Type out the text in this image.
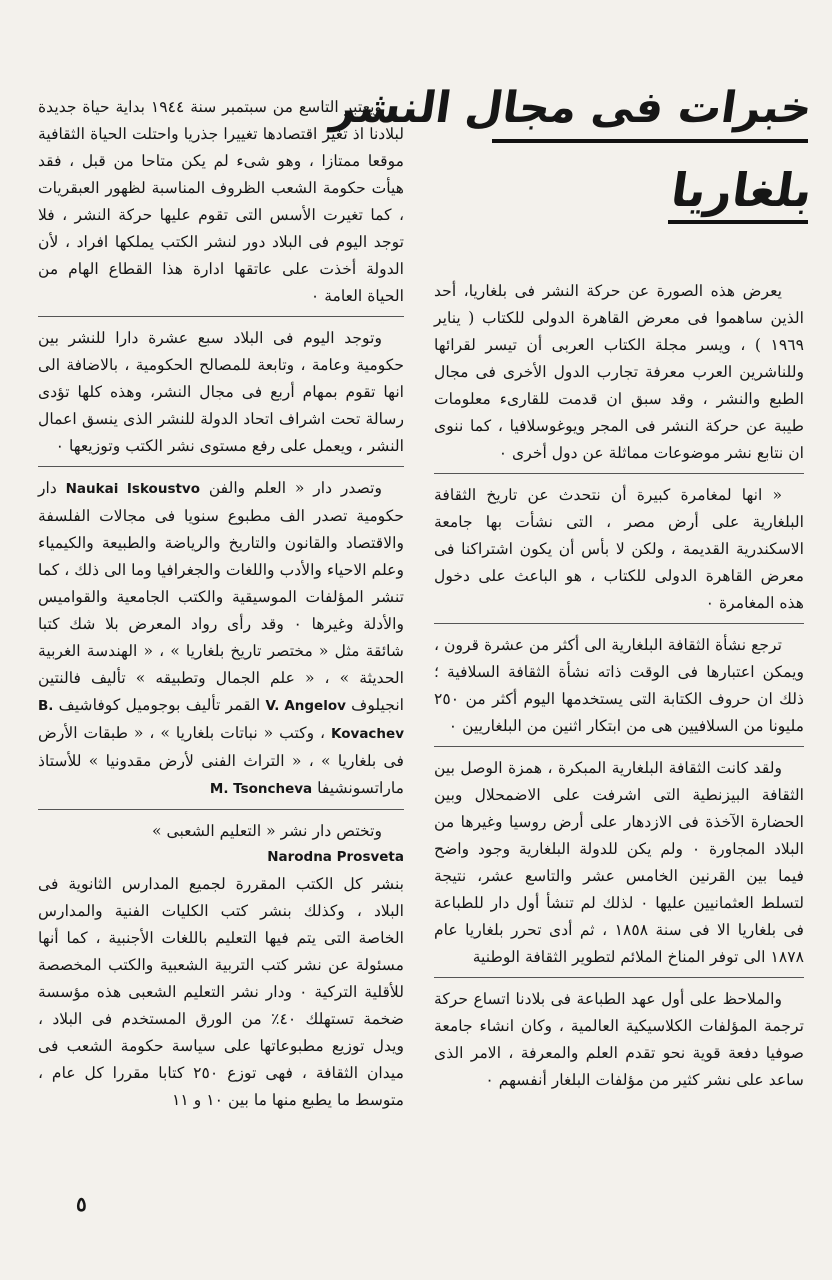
خبرات فى مجال النشر
بلغاريا

يعرض هذه الصورة عن حركة النشر فى بلغاريا، أحد الذين ساهموا فى معرض القاهرة الدولى للكتاب ( يناير ١٩٦٩ ) ، ويسر مجلة الكتاب العربى أن تيسر لقرائها وللناشرين العرب معرفة تجارب الدول الأخرى فى مجال الطبع والنشر ، وقد سبق ان قدمت للقارىء معلومات طيبة عن حركة النشر فى المجر ويوغوسلافيا ، كما ننوى ان نتابع نشر موضوعات مماثلة عن دول أخرى ٠

« انها لمغامرة كبيرة أن نتحدث عن تاريخ الثقافة البلغارية على أرض مصر ، التى نشأت بها جامعة الاسكندرية القديمة ، ولكن لا بأس أن يكون اشتراكنا فى معرض القاهرة الدولى للكتاب ، هو الباعث على دخول هذه المغامرة ٠

ترجع نشأة الثقافة البلغارية الى أكثر من عشرة قرون ، ويمكن اعتبارها فى الوقت ذاته نشأة الثقافة السلافية ؛ ذلك ان حروف الكتابة التى يستخدمها اليوم أكثر من ٢٥٠ مليونا من السلافيين هى من ابتكار اثنين من البلغاريين ٠

ولقد كانت الثقافة البلغارية المبكرة ، همزة الوصل بين الثقافة البيزنطية التى اشرفت على الاضمحلال وبين الحضارة الآخذة فى الازدهار على أرض روسيا وغيرها من البلاد المجاورة ٠ ولم يكن للدولة البلغارية وجود واضح فيما بين القرنين الخامس عشر والتاسع عشر، نتيجة لتسلط العثمانيين عليها ٠ لذلك لم تنشأ أول دار للطباعة فى بلغاريا الا فى سنة ١٨٥٨ ، ثم أدى تحرر بلغاريا عام ١٨٧٨ الى توفر المناخ الملائم لتطوير الثقافة الوطنية

والملاحظ على أول عهد الطباعة فى بلادنا اتساع حركة ترجمة المؤلفات الكلاسيكية العالمية ، وكان انشاء جامعة صوفيا دفعة قوية نحو تقدم العلم والمعرفة ، الامر الذى ساعد على نشر كثير من مؤلفات البلغار أنفسهم ٠

ويعتبر التاسع من سبتمبر سنة ١٩٤٤ بداية حياة جديدة لبلادنا اذ تغير اقتصادها تغييرا جذريا واحتلت الحياة الثقافية موقعا ممتازا ، وهو شىء لم يكن متاحا من قبل ، فقد هيأت حكومة الشعب الظروف المناسبة لظهور العبقريات ، كما تغيرت الأسس التى تقوم عليها حركة النشر ، فلا توجد اليوم فى البلاد دور لنشر الكتب يملكها افراد ، لأن الدولة أخذت على عاتقها ادارة هذا القطاع الهام من الحياة العامة ٠

وتوجد اليوم فى البلاد سبع عشرة دارا للنشر بين حكومية وعامة ، وتابعة للمصالح الحكومية ، بالاضافة الى انها تقوم بمهام أربع فى مجال النشر، وهذه كلها تؤدى رسالة تحت اشراف اتحاد الدولة للنشر الذى ينسق اعمال النشر ، ويعمل على رفع مستوى نشر الكتب وتوزيعها ٠

وتصدر دار « العلم والفن Naukai Iskoustvo دار حكومية تصدر الف مطبوع سنويا فى مجالات الفلسفة والاقتصاد والقانون والتاريخ والرياضة والطبيعة والكيمياء وعلم الاحياء والأدب واللغات والجغرافيا وما الى ذلك ، كما تنشر المؤلفات الموسيقية والكتب الجامعية والقواميس والأدلة وغيرها ٠ وقد رأى رواد المعرض بلا شك كتبا شائقة مثل « مختصر تاريخ بلغاريا » ، « الهندسة الغربية الحديثة » ، « علم الجمال وتطبيقه » تأليف فالنتين انجيلوف V. Angelov القمر تأليف بوجوميل كوفاشيف B. Kovachev ، وكتب « نباتات بلغاريا » ، « طبقات الأرض فى بلغاريا » ، « التراث الفنى لأرض مقدونيا » للأستاذ ماراتسونشيفا M. Tsoncheva

وتختص دار نشر « التعليم الشعبى »

Narodna Prosveta

بنشر كل الكتب المقررة لجميع المدارس الثانوية فى البلاد ، وكذلك بنشر كتب الكليات الفنية والمدارس الخاصة التى يتم فيها التعليم باللغات الأجنبية ، كما أنها مسئولة عن نشر كتب التربية الشعبية والكتب المخصصة للأقلية التركية ٠ ودار نشر التعليم الشعبى هذه مؤسسة ضخمة تستهلك ٤٠٪ من الورق المستخدم فى البلاد ، ويدل توزيع مطبوعاتها على سياسة حكومة الشعب فى ميدان الثقافة ، فهى توزع ٢٥٠ كتابا مقررا كل عام ، متوسط ما يطبع منها ما بين ١٠ و ١١

٥
